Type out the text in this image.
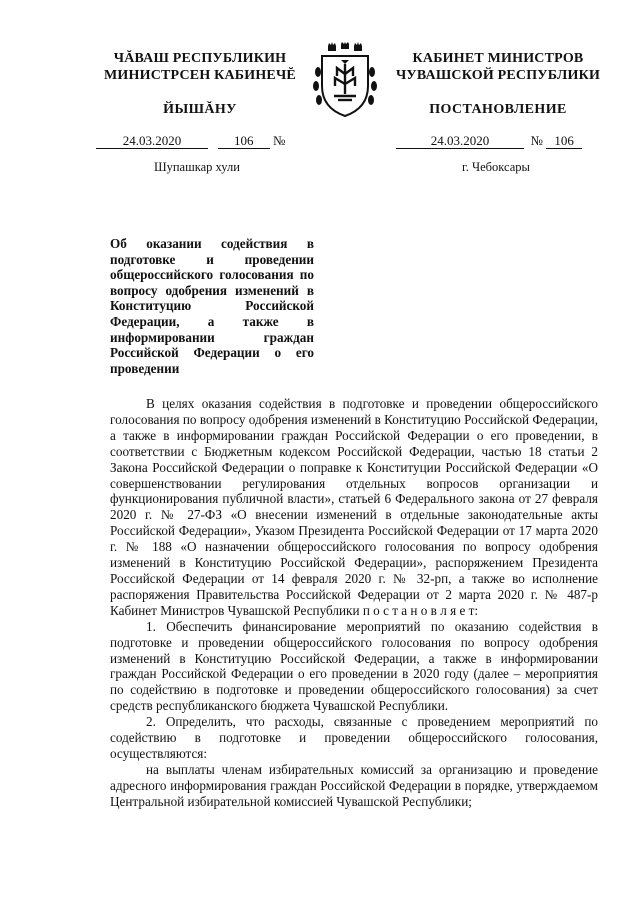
ЧĂВАШ РЕСПУБЛИКИН
МИНИСТРСЕН КАБИНЕЧĔ
ЙЫШĂНУ
КАБИНЕТ МИНИСТРОВ
ЧУВАШСКОЙ РЕСПУБЛИКИ
ПОСТАНОВЛЕНИЕ
24.03.2020	106 №	24.03.2020	№ 106
Шупашкар хули	г. Чебоксары
Об оказании содействия в подготовке и проведении общероссийского голосования по вопросу одобрения изменений в Конституцию Российской Федерации, а также в информировании граждан Российской Федерации о его проведении

В целях оказания содействия в подготовке и проведении общероссийского голосования по вопросу одобрения изменений в Конституцию Российской Федерации, а также в информировании граждан Российской Федерации о его проведении, в соответствии с Бюджетным кодексом Российской Федерации, частью 18 статьи 2 Закона Российской Федерации о поправке к Конституции Российской Федерации «О совершенствовании регулирования отдельных вопросов организации и функционирования публичной власти», статьей 6 Федерального закона от 27 февраля 2020 г. № 27-ФЗ «О внесении изменений в отдельные законодательные акты Российской Федерации», Указом Президента Российской Федерации от 17 марта 2020 г. № 188 «О назначении общероссийского голосования по вопросу одобрения изменений в Конституцию Российской Федерации», распоряжением Президента Российской Федерации от 14 февраля 2020 г. № 32-рп, а также во исполнение распоряжения Правительства Российской Федерации от 2 марта 2020 г. № 487-р Кабинет Министров Чувашской Республики п о с т а н о в л я е т:

1. Обеспечить финансирование мероприятий по оказанию содействия в подготовке и проведении общероссийского голосования по вопросу одобрения изменений в Конституцию Российской Федерации, а также в информировании граждан Российской Федерации о его проведении в 2020 году (далее – мероприятия по содействию в подготовке и проведении общероссийского голосования) за счет средств республиканского бюджета Чувашской Республики.

2. Определить, что расходы, связанные с проведением мероприятий по содействию в подготовке и проведении общероссийского голосования, осуществляются:

на выплаты членам избирательных комиссий за организацию и проведение адресного информирования граждан Российской Федерации в порядке, утверждаемом Центральной избирательной комиссией Чувашской Республики;
